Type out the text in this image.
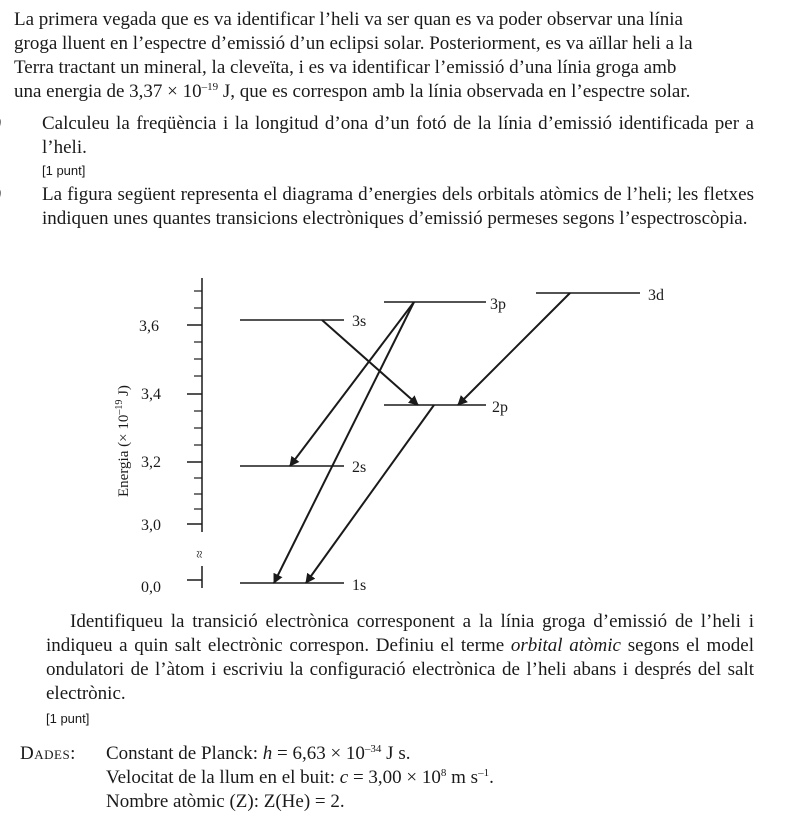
La primera vegada que es va identificar l’heli va ser quan es va poder observar una línia
groga lluent en l’espectre d’emissió d’un eclipsi solar. Posteriorment, es va aïllar heli a la
Terra tractant un mineral, la cleveïta, i es va identificar l’emissió d’una línia groga amb
una energia de $3,37 \times 10^{-19}$ J, que es correspon amb la línia observada en l’espectre solar.
Calculeu la freqüència i la longitud d’ona d’un fotó de la línia d’emissió identificada per a l’heli.
[1 punt]
La figura següent representa el diagrama d’energies dels orbitals atòmics de l’heli; les fletxes indiquen unes quantes transicions electròniques d’emissió permeses segons l’espectroscòpia.
≈
3,6
3,4
3,2
3,0
0,0
Energia (× $10^{-19}$ J)
3s
3p
3d
2s
2p
1s
Identifiqueu la transició electrònica corresponent a la línia groga d’emissió de l’heli i indiqueu a quin salt electrònic correspon. Definiu el terme orbital atòmic segons el model ondulatori de l’àtom i escriviu la configuració electrònica de l’heli abans i després del salt electrònic.
[1 punt]
Dades: Constant de Planck: $h = 6,63 \times 10^{-34}$ J s.
Velocitat de la llum en el buit: $c = 3,00 \times 10^8$ m $s^{-1}$.
Nombre atòmic (Z): Z(He) = 2.
